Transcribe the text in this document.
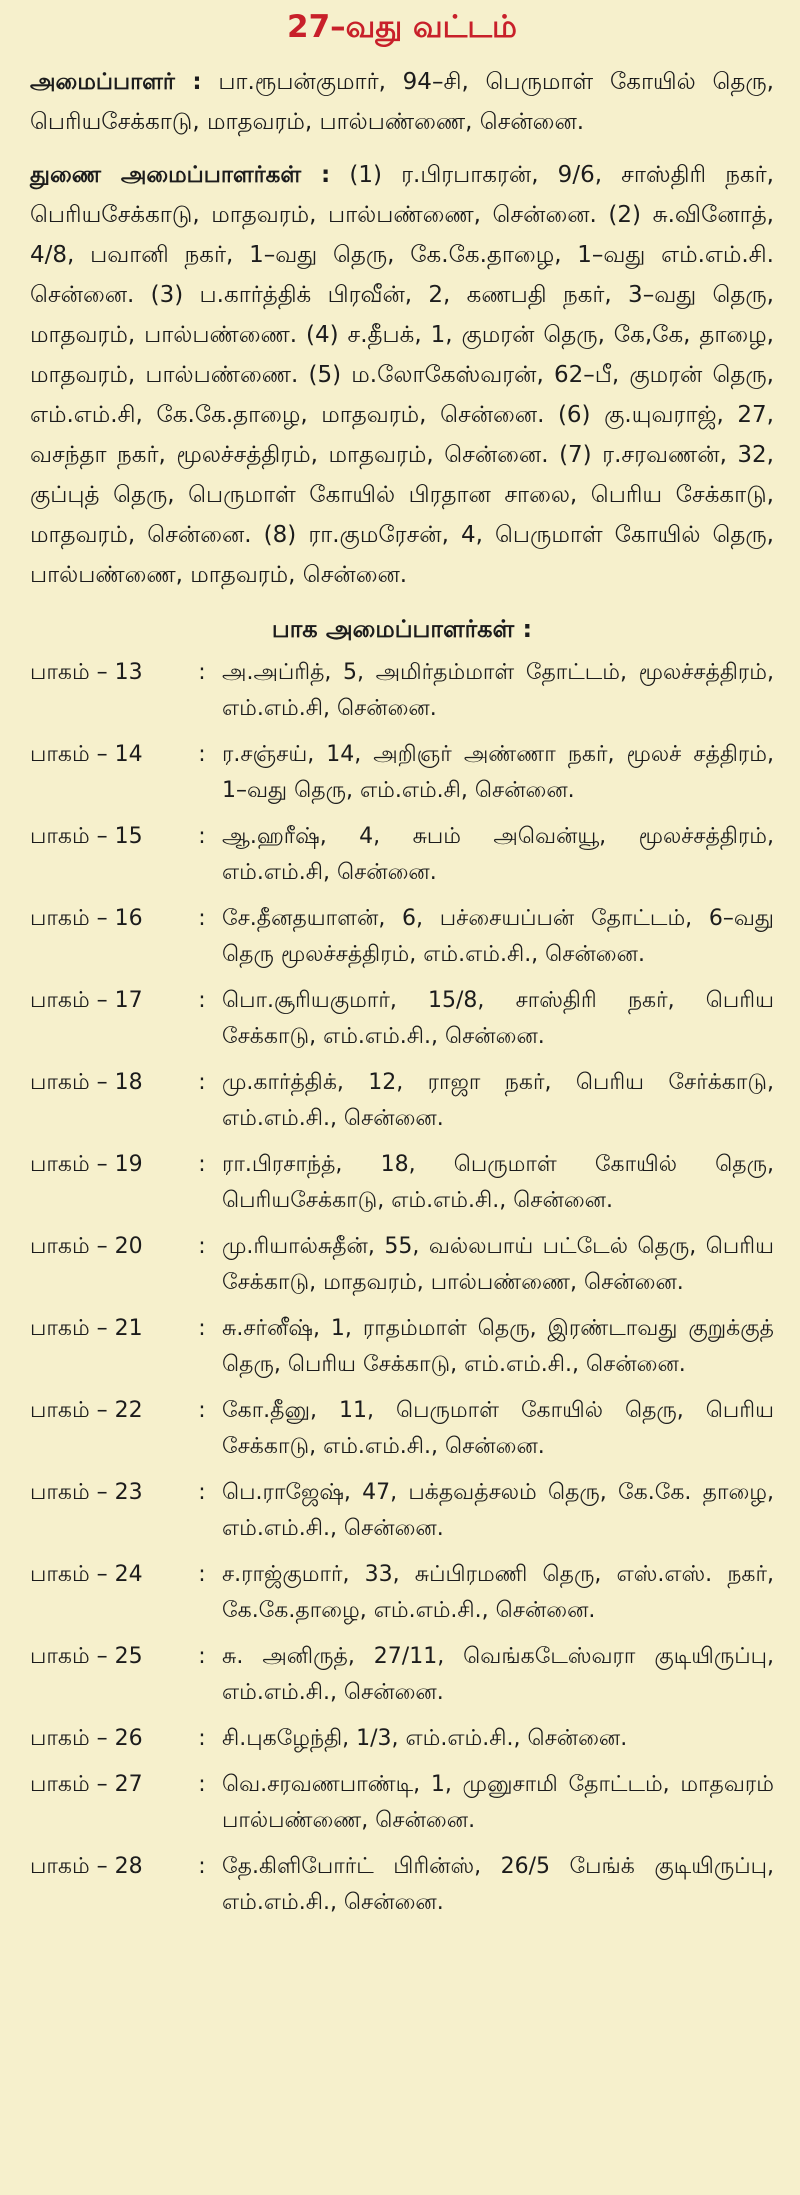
27–வது வட்டம்

அமைப்பாளர் : பா.ரூபன்குமார், 94–சி, பெருமாள் கோயில் தெரு, பெரியசேக்காடு, மாதவரம், பால்பண்ணை, சென்னை.

துணை அமைப்பாளர்கள் : (1) ர.பிரபாகரன், 9/6, சாஸ்திரி நகர், பெரியசேக்காடு, மாதவரம், பால்பண்ணை, சென்னை. (2) சு.வினோத், 4/8, பவானி நகர், 1–வது தெரு, கே.கே.தாழை, 1–வது எம்.எம்.சி. சென்னை. (3) ப.கார்த்திக் பிரவீன், 2, கணபதி நகர், 3–வது தெரு, மாதவரம், பால்பண்ணை. (4) ச.தீபக், 1, குமரன் தெரு, கே,கே, தாழை, மாதவரம், பால்பண்ணை. (5) ம.லோகேஸ்வரன், 62–பீ, குமரன் தெரு, எம்.எம்.சி, கே.கே.தாழை, மாதவரம், சென்னை. (6) கு.யுவராஜ், 27, வசந்தா நகர், மூலச்சத்திரம், மாதவரம், சென்னை. (7) ர.சரவணன், 32, குப்புத் தெரு, பெருமாள் கோயில் பிரதான சாலை, பெரிய சேக்காடு, மாதவரம், சென்னை. (8) ரா.குமரேசன், 4, பெருமாள் கோயில் தெரு, பால்பண்ணை, மாதவரம், சென்னை.

பாக அமைப்பாளர்கள் :
பாகம் – 13	: அ.அப்ரித், 5, அமிர்தம்மாள் தோட்டம், மூலச்சத்திரம், எம்.எம்.சி, சென்னை.
பாகம் – 14	: ர.சஞ்சய், 14, அறிஞர் அண்ணா நகர், மூலச் சத்திரம், 1–வது தெரு, எம்.எம்.சி, சென்னை.
பாகம் – 15	: ஆ.ஹரீஷ், 4, சுபம் அவென்யூ, மூலச்சத்திரம், எம்.எம்.சி, சென்னை.
பாகம் – 16	: சே.தீனதயாளன், 6, பச்சையப்பன் தோட்டம், 6–வது தெரு மூலச்சத்திரம், எம்.எம்.சி., சென்னை.
பாகம் – 17	: பொ.சூரியகுமார், 15/8, சாஸ்திரி நகர், பெரிய சேக்காடு, எம்.எம்.சி., சென்னை.
பாகம் – 18	: மு.கார்த்திக், 12, ராஜா நகர், பெரிய சேர்க்காடு, எம்.எம்.சி., சென்னை.
பாகம் – 19	: ரா.பிரசாந்த், 18, பெருமாள் கோயில் தெரு, பெரியசேக்காடு, எம்.எம்.சி., சென்னை.
பாகம் – 20	: மு.ரியால்சுதீன், 55, வல்லபாய் பட்டேல் தெரு, பெரிய சேக்காடு, மாதவரம், பால்பண்ணை, சென்னை.
பாகம் – 21	: சு.சர்னீஷ், 1, ராதம்மாள் தெரு, இரண்டாவது குறுக்குத் தெரு, பெரிய சேக்காடு, எம்.எம்.சி., சென்னை.
பாகம் – 22	: கோ.தீனு, 11, பெருமாள் கோயில் தெரு, பெரிய சேக்காடு, எம்.எம்.சி., சென்னை.
பாகம் – 23	: பெ.ராஜேஷ், 47, பக்தவத்சலம் தெரு, கே.கே. தாழை, எம்.எம்.சி., சென்னை.
பாகம் – 24	: ச.ராஜ்குமார், 33, சுப்பிரமணி தெரு, எஸ்.எஸ். நகர், கே.கே.தாழை, எம்.எம்.சி., சென்னை.
பாகம் – 25	: சு. அனிருத், 27/11, வெங்கடேஸ்வரா குடியிருப்பு, எம்.எம்.சி., சென்னை.
பாகம் – 26	: சி.புகழேந்தி, 1/3, எம்.எம்.சி., சென்னை.
பாகம் – 27	: வெ.சரவணபாண்டி, 1, முனுசாமி தோட்டம், மாதவரம் பால்பண்ணை, சென்னை.
பாகம் – 28	: தே.கிளிபோர்ட் பிரின்ஸ், 26/5 பேங்க் குடியிருப்பு, எம்.எம்.சி., சென்னை.
